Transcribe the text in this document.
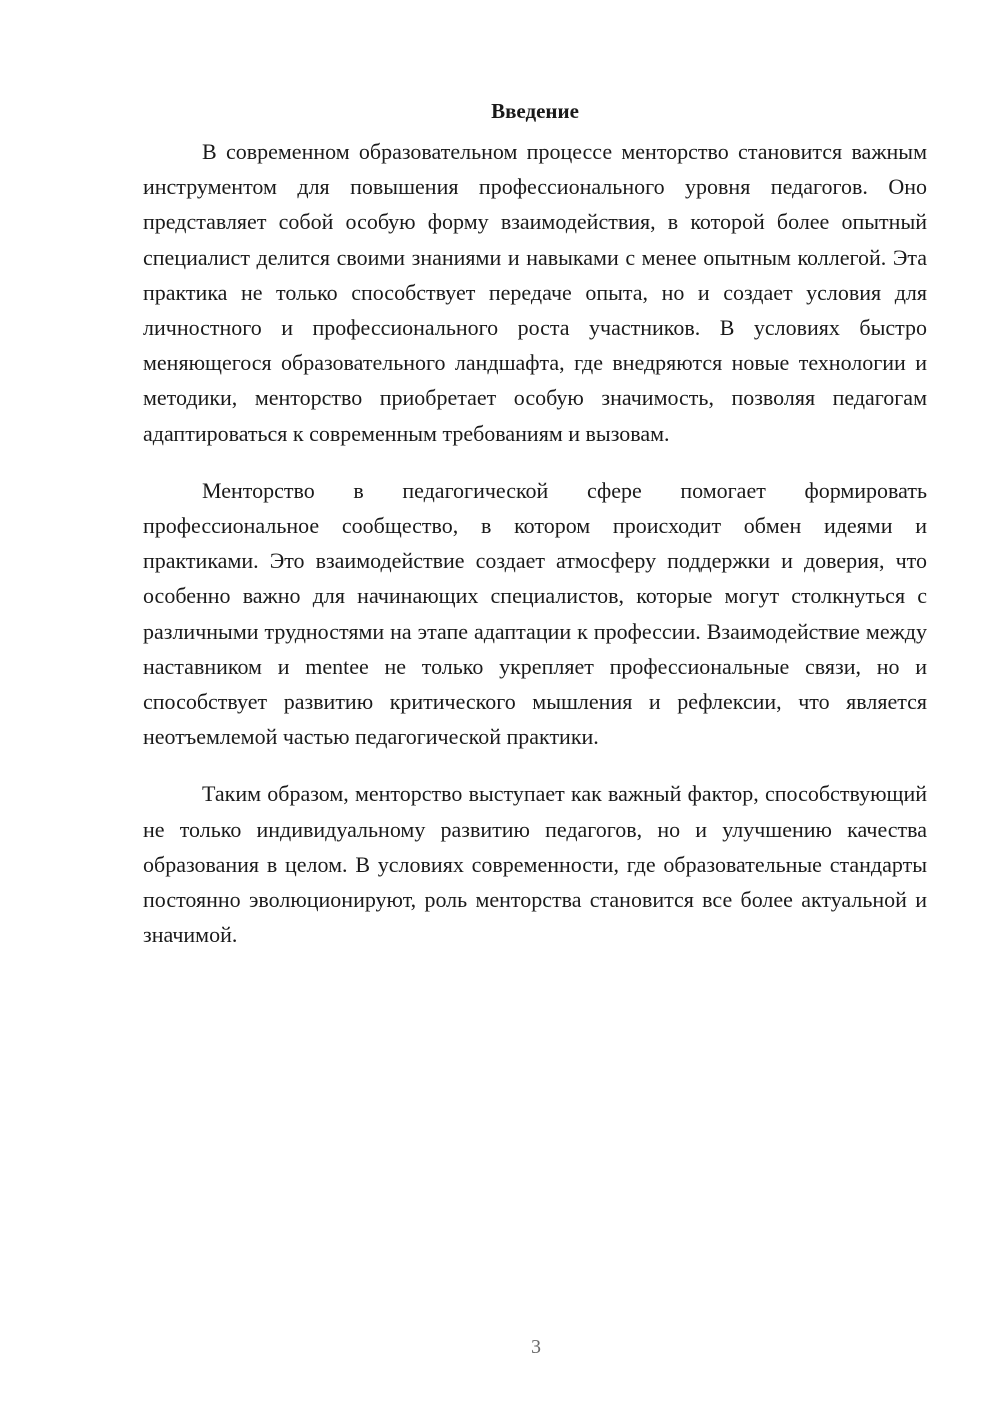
Введение

В современном образовательном процессе менторство становится важным инструментом для повышения профессионального уровня педагогов. Оно представляет собой особую форму взаимодействия, в которой более опытный специалист делится своими знаниями и навыками с менее опытным коллегой. Эта практика не только способствует передаче опыта, но и создает условия для личностного и профессионального роста участников. В условиях быстро меняющегося образовательного ландшафта, где внедряются новые технологии и методики, менторство приобретает особую значимость, позволяя педагогам адаптироваться к современным требованиям и вызовам.

Менторство в педагогической сфере помогает формировать профессиональное сообщество, в котором происходит обмен идеями и практиками. Это взаимодействие создает атмосферу поддержки и доверия, что особенно важно для начинающих специалистов, которые могут столкнуться с различными трудностями на этапе адаптации к профессии. Взаимодействие между наставником и mentee не только укрепляет профессиональные связи, но и способствует развитию критического мышления и рефлексии, что является неотъемлемой частью педагогической практики.

Таким образом, менторство выступает как важный фактор, способствующий не только индивидуальному развитию педагогов, но и улучшению качества образования в целом. В условиях современности, где образовательные стандарты постоянно эволюционируют, роль менторства становится все более актуальной и значимой.

3
